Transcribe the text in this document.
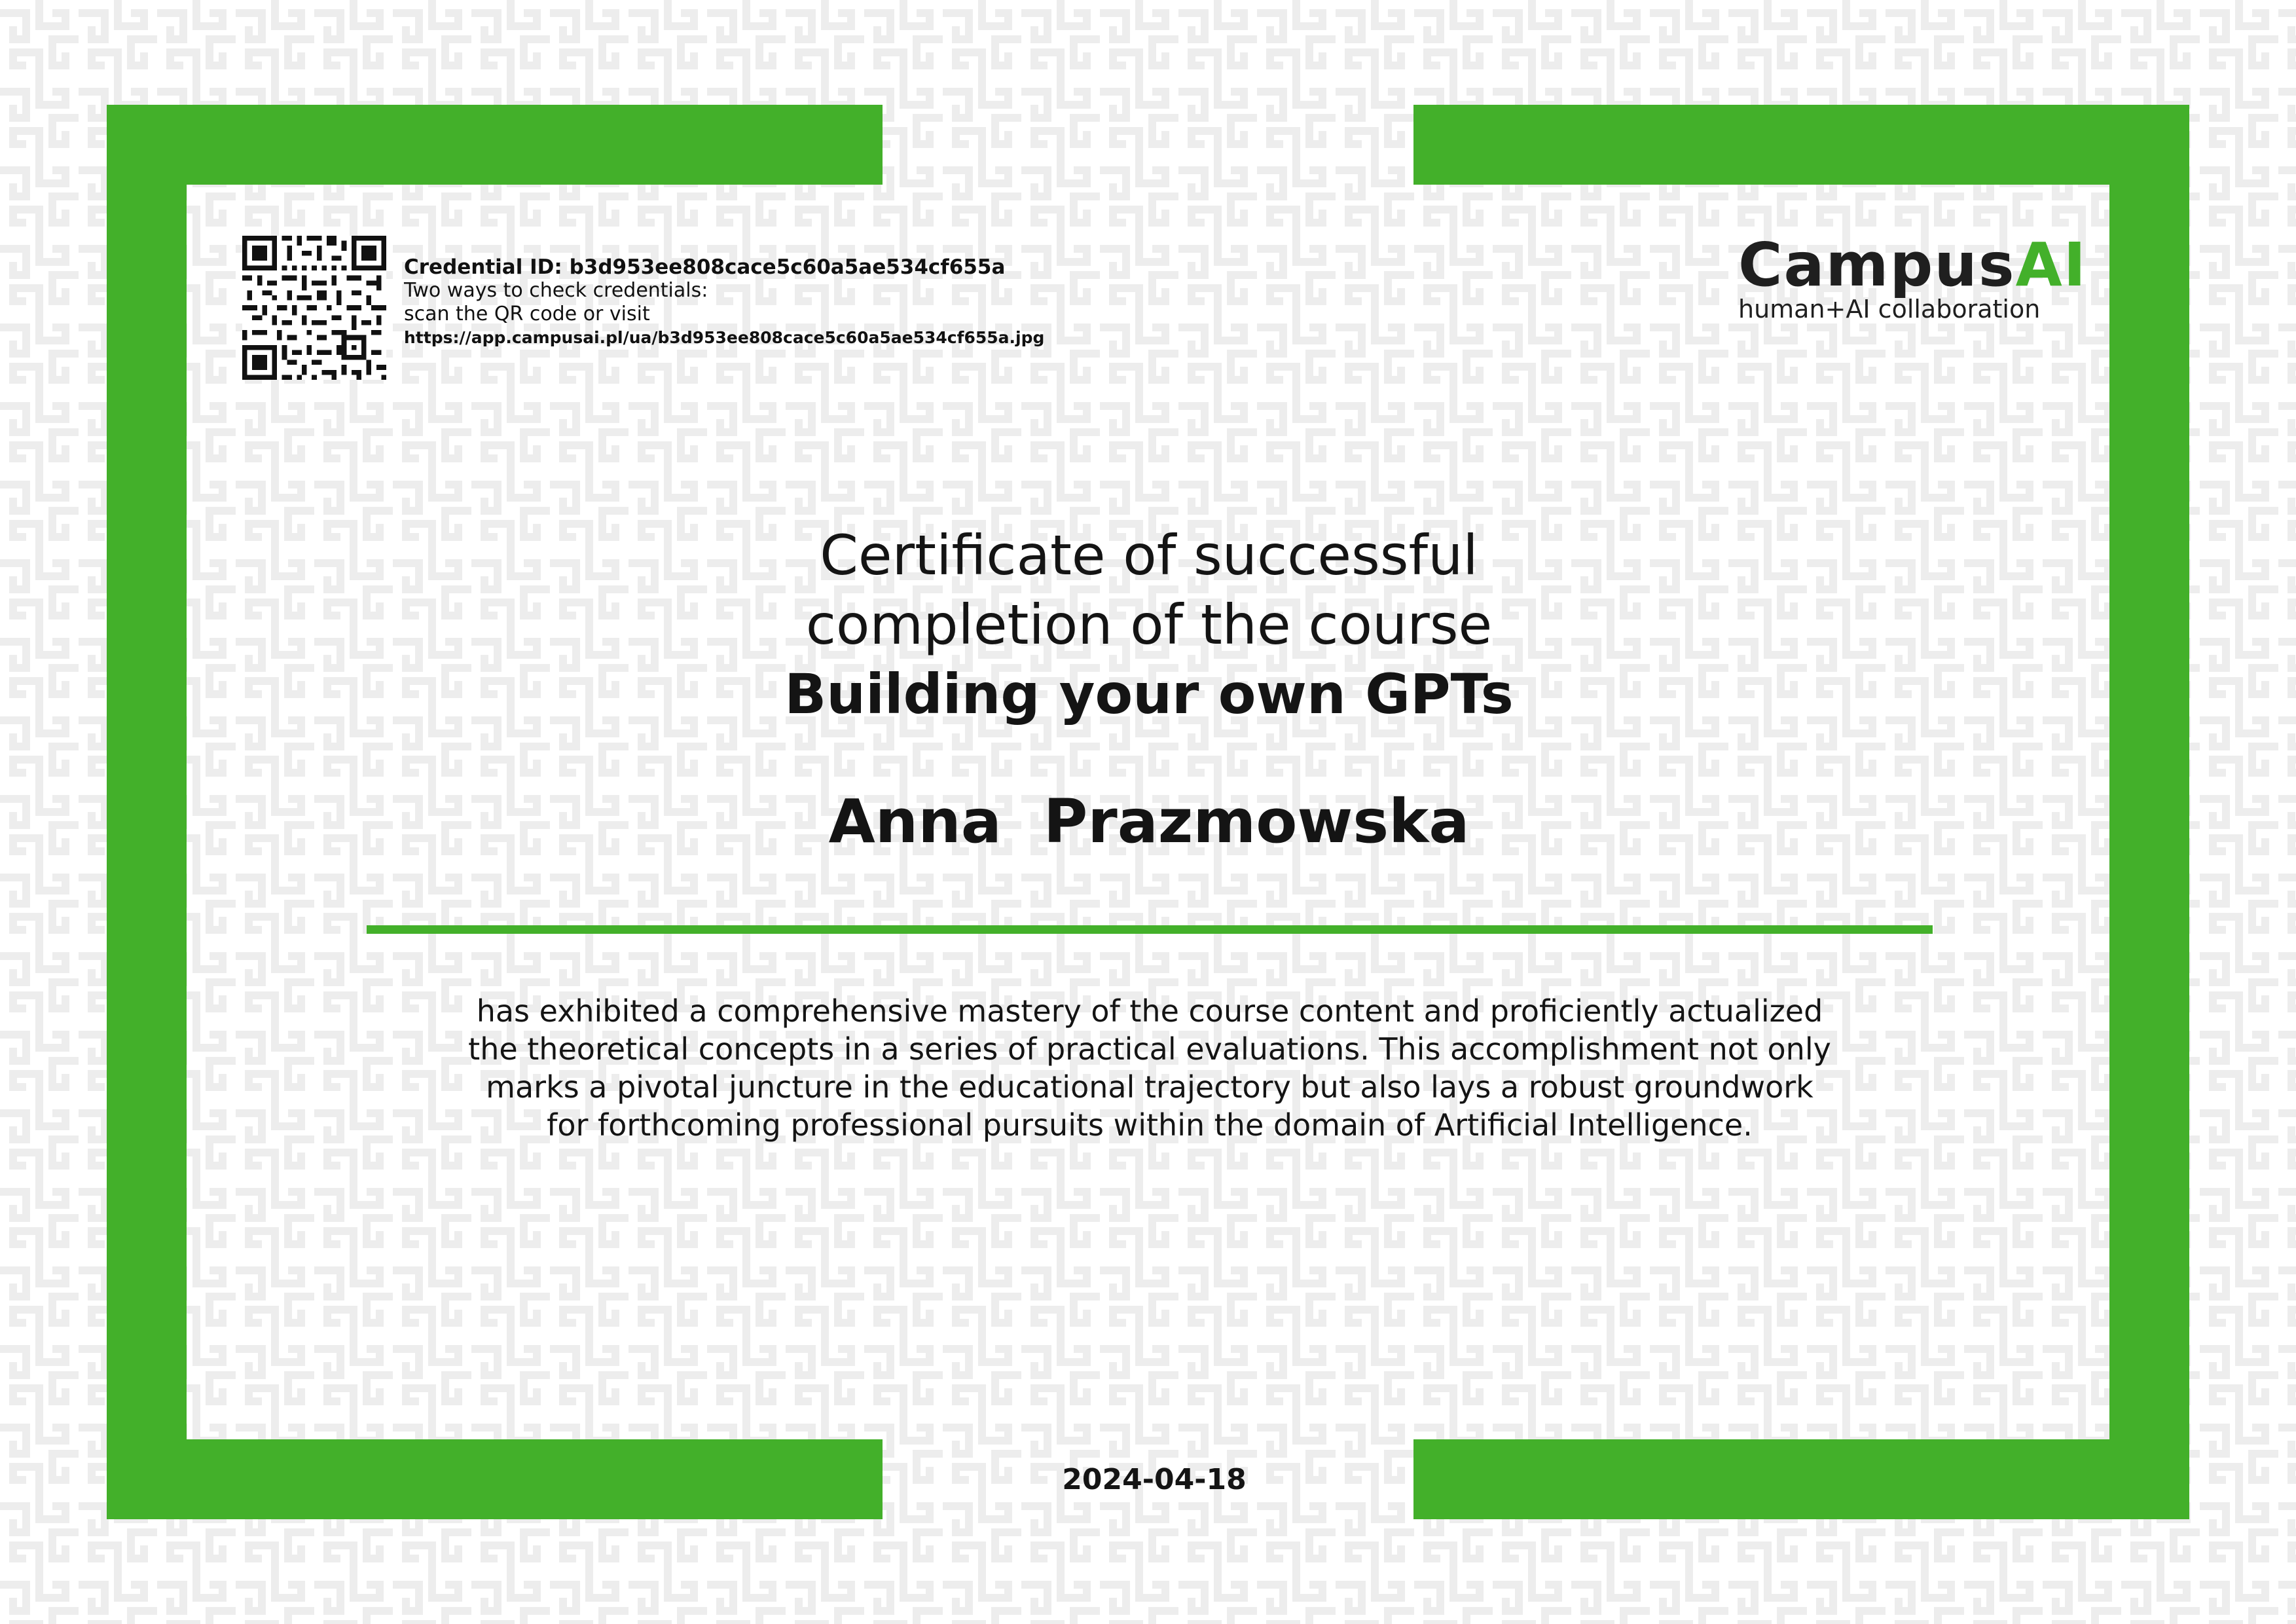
Credential ID: b3d953ee808cace5c60a5ae534cf655a
Two ways to check credentials:
scan the QR code or visit
https://app.campusai.pl/ua/b3d953ee808cace5c60a5ae534cf655a.jpg
CampusAI
human+AI collaboration
Certificate of successful
completion of the course
Building your own GPTs
Anna  Prazmowska
has exhibited a comprehensive mastery of the course content and proficiently actualized
the theoretical concepts in a series of practical evaluations. This accomplishment not only
marks a pivotal juncture in the educational trajectory but also lays a robust groundwork
for forthcoming professional pursuits within the domain of Artificial Intelligence.
2024-04-18
